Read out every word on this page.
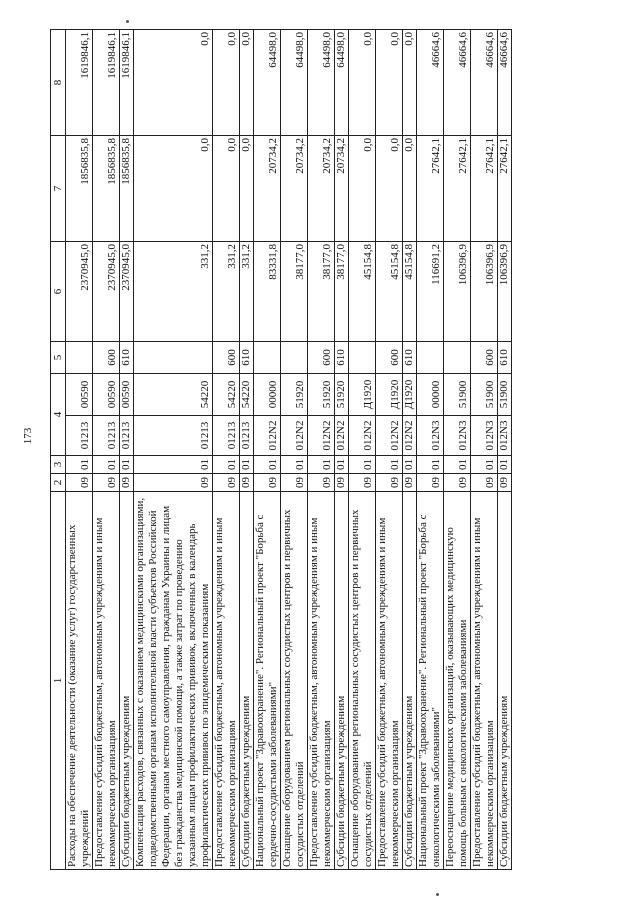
173
1	2	3	4		5	6	7	8
Расходы на обеспечение деятельности (оказание услуг) государственных учреждений	09	01	01213	00590		2370945,0	1856835,8	1619846,1
Предоставление субсидий бюджетным, автономным учреждениям и иным некоммерческим организациям	09	01	01213	00590	600	2370945,0	1856835,8	1619846,1
Субсидии бюджетным учреждениям	09	01	01213	00590	610	2370945,0	1856835,8	1619846,1
Компенсация расходов, связанных с оказанием медицинскими организациями, подведомственными органам исполнительной власти субъектов Российской Федерации, органам местного самоуправления, гражданам Украины и лицам без гражданства медицинской помощи, а также затрат по проведению указанным лицам профилактических прививок, включенных в календарь профилактических прививок по эпидемическим показаниям	09	01	01213	54220		331,2	0,0	0,0
Предоставление субсидий бюджетным, автономным учреждениям и иным некоммерческим организациям	09	01	01213	54220	600	331,2	0,0	0,0
Субсидии бюджетным учреждениям	09	01	01213	54220	610	331,2	0,0	0,0
Национальный проект "Здравоохранение". Региональный проект "Борьба с сердечно-сосудистыми заболеваниями"	09	01	012N2	00000		83331,8	20734,2	64498,0
Оснащение оборудованием региональных сосудистых центров и первичных сосудистых отделений	09	01	012N2	51920		38177,0	20734,2	64498,0
Предоставление субсидий бюджетным, автономным учреждениям и иным некоммерческим организациям	09	01	012N2	51920	600	38177,0	20734,2	64498,0
Субсидии бюджетным учреждениям	09	01	012N2	51920	610	38177,0	20734,2	64498,0
Оснащение оборудованием региональных сосудистых центров и первичных сосудистых отделений	09	01	012N2	Д1920		45154,8	0,0	0,0
Предоставление субсидий бюджетным, автономным учреждениям и иным некоммерческим организациям	09	01	012N2	Д1920	600	45154,8	0,0	0,0
Субсидии бюджетным учреждениям	09	01	012N2	Д1920	610	45154,8	0,0	0,0
Национальный проект "Здравоохранение". Региональный проект "Борьба с онкологическими заболеваниями"	09	01	012N3	00000		116691,2	27642,1	46664,6
Переоснащение медицинских организаций, оказывающих медицинскую помощь больным с онкологическими заболеваниями	09	01	012N3	51900		106396,9	27642,1	46664,6
Предоставление субсидий бюджетным, автономным учреждениям и иным некоммерческим организациям	09	01	012N3	51900	600	106396,9	27642,1	46664,6
Субсидии бюджетным учреждениям	09	01	012N3	51900	610	106396,9	27642,1	46664,6
